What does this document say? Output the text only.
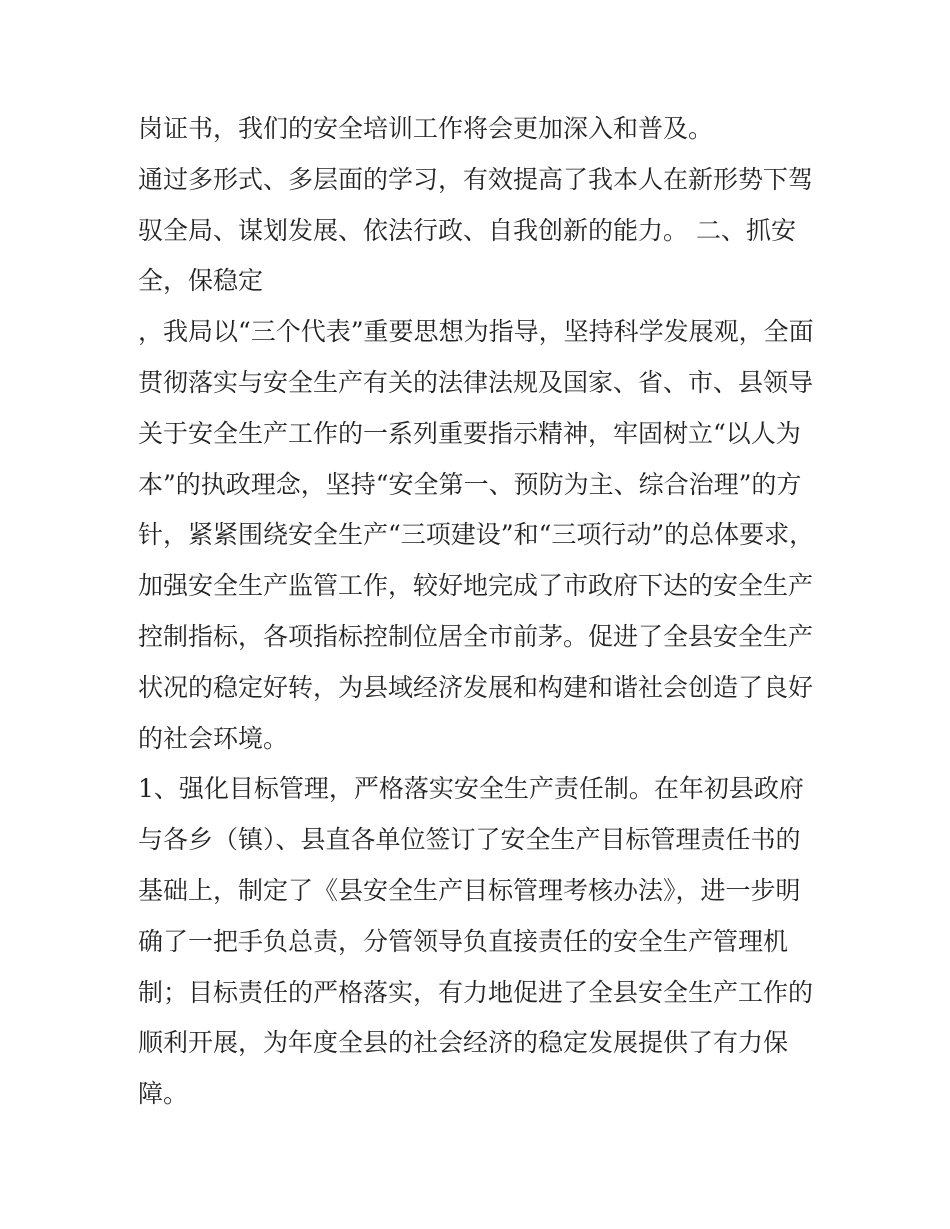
岗证书，我们的安全培训工作将会更加深入和普及。
通过多形式、多层面的学习，有效提高了我本人在新形势下驾
驭全局、谋划发展、依法行政、自我创新的能力。 二、抓安
全，保稳定
，我局以“三个代表”重要思想为指导，坚持科学发展观，全面
贯彻落实与安全生产有关的法律法规及国家、省、市、县领导
关于安全生产工作的一系列重要指示精神，牢固树立“以人为
本”的执政理念，坚持“安全第一、预防为主、综合治理”的方
针，紧紧围绕安全生产“三项建设”和“三项行动”的总体要求，
加强安全生产监管工作，较好地完成了市政府下达的安全生产
控制指标，各项指标控制位居全市前茅。促进了全县安全生产
状况的稳定好转，为县域经济发展和构建和谐社会创造了良好
的社会环境。
1、强化目标管理，严格落实安全生产责任制。在年初县政府
与各乡（镇）、县直各单位签订了安全生产目标管理责任书的
基础上，制定了《县安全生产目标管理考核办法》，进一步明
确了一把手负总责，分管领导负直接责任的安全生产管理机
制；目标责任的严格落实，有力地促进了全县安全生产工作的
顺利开展，为年度全县的社会经济的稳定发展提供了有力保
障。
